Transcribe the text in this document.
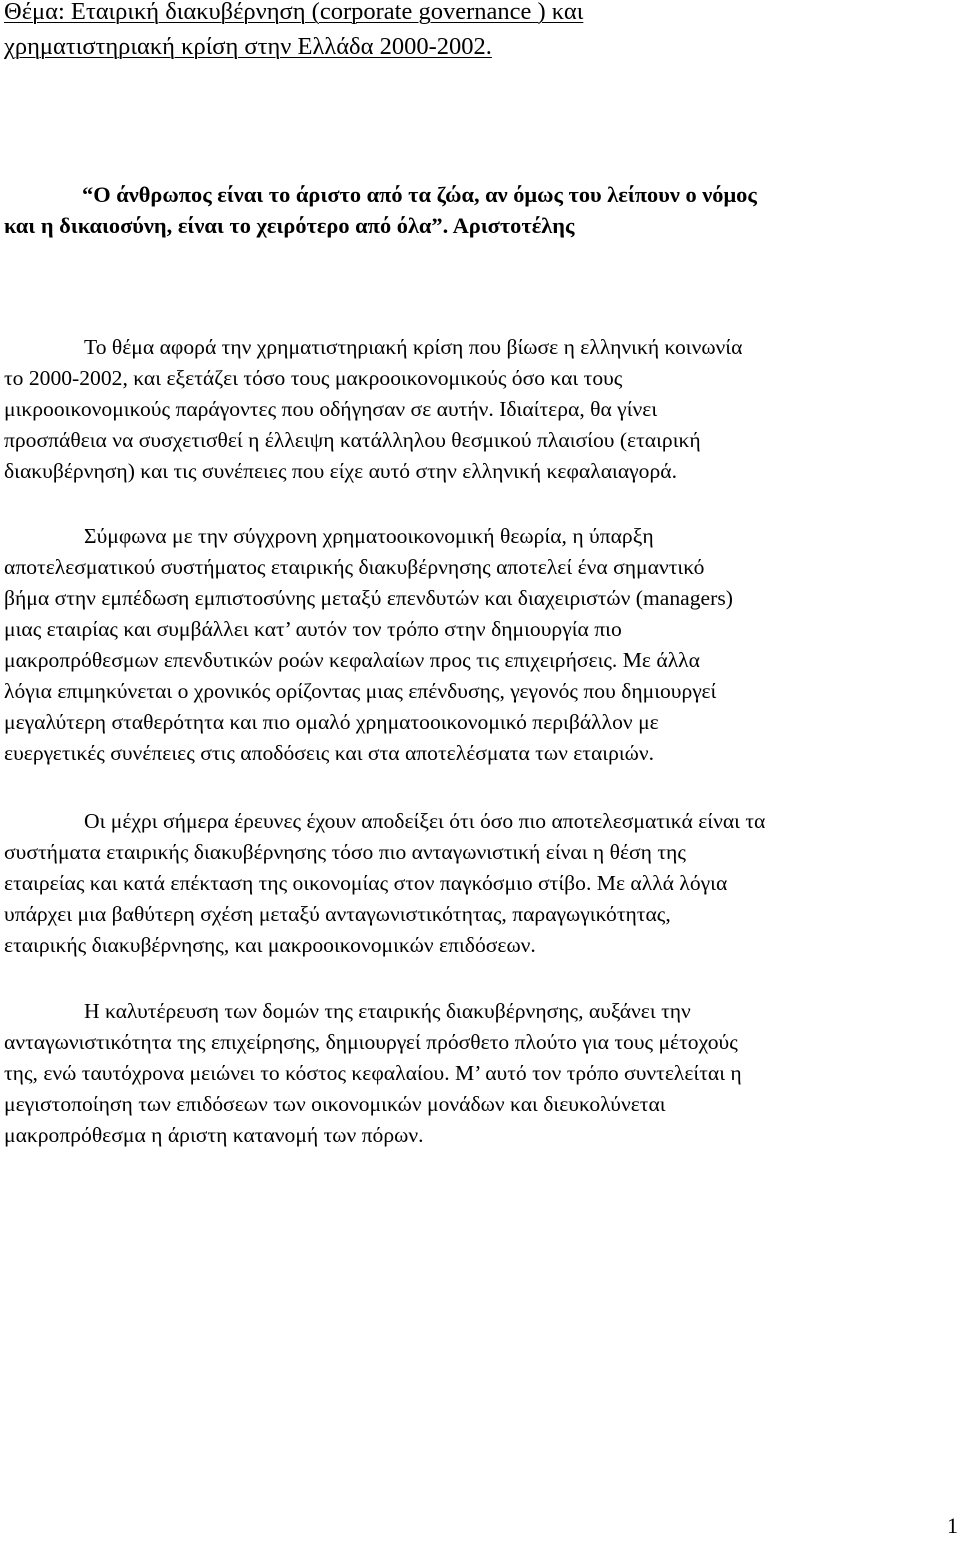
Θέμα: Εταιρική διακυβέρνηση (corporate governance ) και
χρηματιστηριακή κρίση στην Ελλάδα 2000-2002.

“Ο άνθρωπος είναι το άριστο από τα ζώα, αν όμως του λείπουν ο νόμος
και η δικαιοσύνη, είναι το χειρότερο από όλα”. Αριστοτέλης

Το θέμα αφορά την χρηματιστηριακή κρίση που βίωσε η ελληνική κοινωνία
το 2000-2002, και εξετάζει τόσο τους μακροοικονομικούς όσο και τους
μικροοικονομικούς παράγοντες που οδήγησαν σε αυτήν. Ιδιαίτερα, θα γίνει
προσπάθεια να συσχετισθεί η έλλειψη κατάλληλου θεσμικού πλαισίου (εταιρική
διακυβέρνηση) και τις συνέπειες που είχε αυτό στην ελληνική κεφαλαιαγορά.

Σύμφωνα με την σύγχρονη χρηματοοικονομική θεωρία, η ύπαρξη
αποτελεσματικού συστήματος εταιρικής διακυβέρνησης αποτελεί ένα σημαντικό
βήμα στην εμπέδωση εμπιστοσύνης μεταξύ επενδυτών και διαχειριστών (managers)
μιας εταιρίας και συμβάλλει κατ’ αυτόν τον τρόπο στην δημιουργία πιο
μακροπρόθεσμων επενδυτικών ροών κεφαλαίων προς τις επιχειρήσεις. Με άλλα
λόγια επιμηκύνεται ο χρονικός ορίζοντας μιας επένδυσης, γεγονός που δημιουργεί
μεγαλύτερη σταθερότητα και πιο ομαλό χρηματοοικονομικό περιβάλλον με
ευεργετικές συνέπειες στις αποδόσεις και στα αποτελέσματα των εταιριών.

Οι μέχρι σήμερα έρευνες έχουν αποδείξει ότι όσο πιο αποτελεσματικά είναι τα
συστήματα εταιρικής διακυβέρνησης τόσο πιο ανταγωνιστική είναι η θέση της
εταιρείας και κατά επέκταση της οικονομίας στον παγκόσμιο στίβο. Με αλλά λόγια
υπάρχει μια βαθύτερη σχέση μεταξύ ανταγωνιστικότητας, παραγωγικότητας,
εταιρικής διακυβέρνησης, και μακροοικονομικών επιδόσεων.

Η καλυτέρευση των δομών της εταιρικής διακυβέρνησης, αυξάνει την
ανταγωνιστικότητα της επιχείρησης, δημιουργεί πρόσθετο πλούτο για τους μέτοχούς
της, ενώ ταυτόχρονα μειώνει το κόστος κεφαλαίου. Μ’ αυτό τον τρόπο συντελείται η
μεγιστοποίηση των επιδόσεων των οικονομικών μονάδων και διευκολύνεται
μακροπρόθεσμα η άριστη κατανομή των πόρων.

1
